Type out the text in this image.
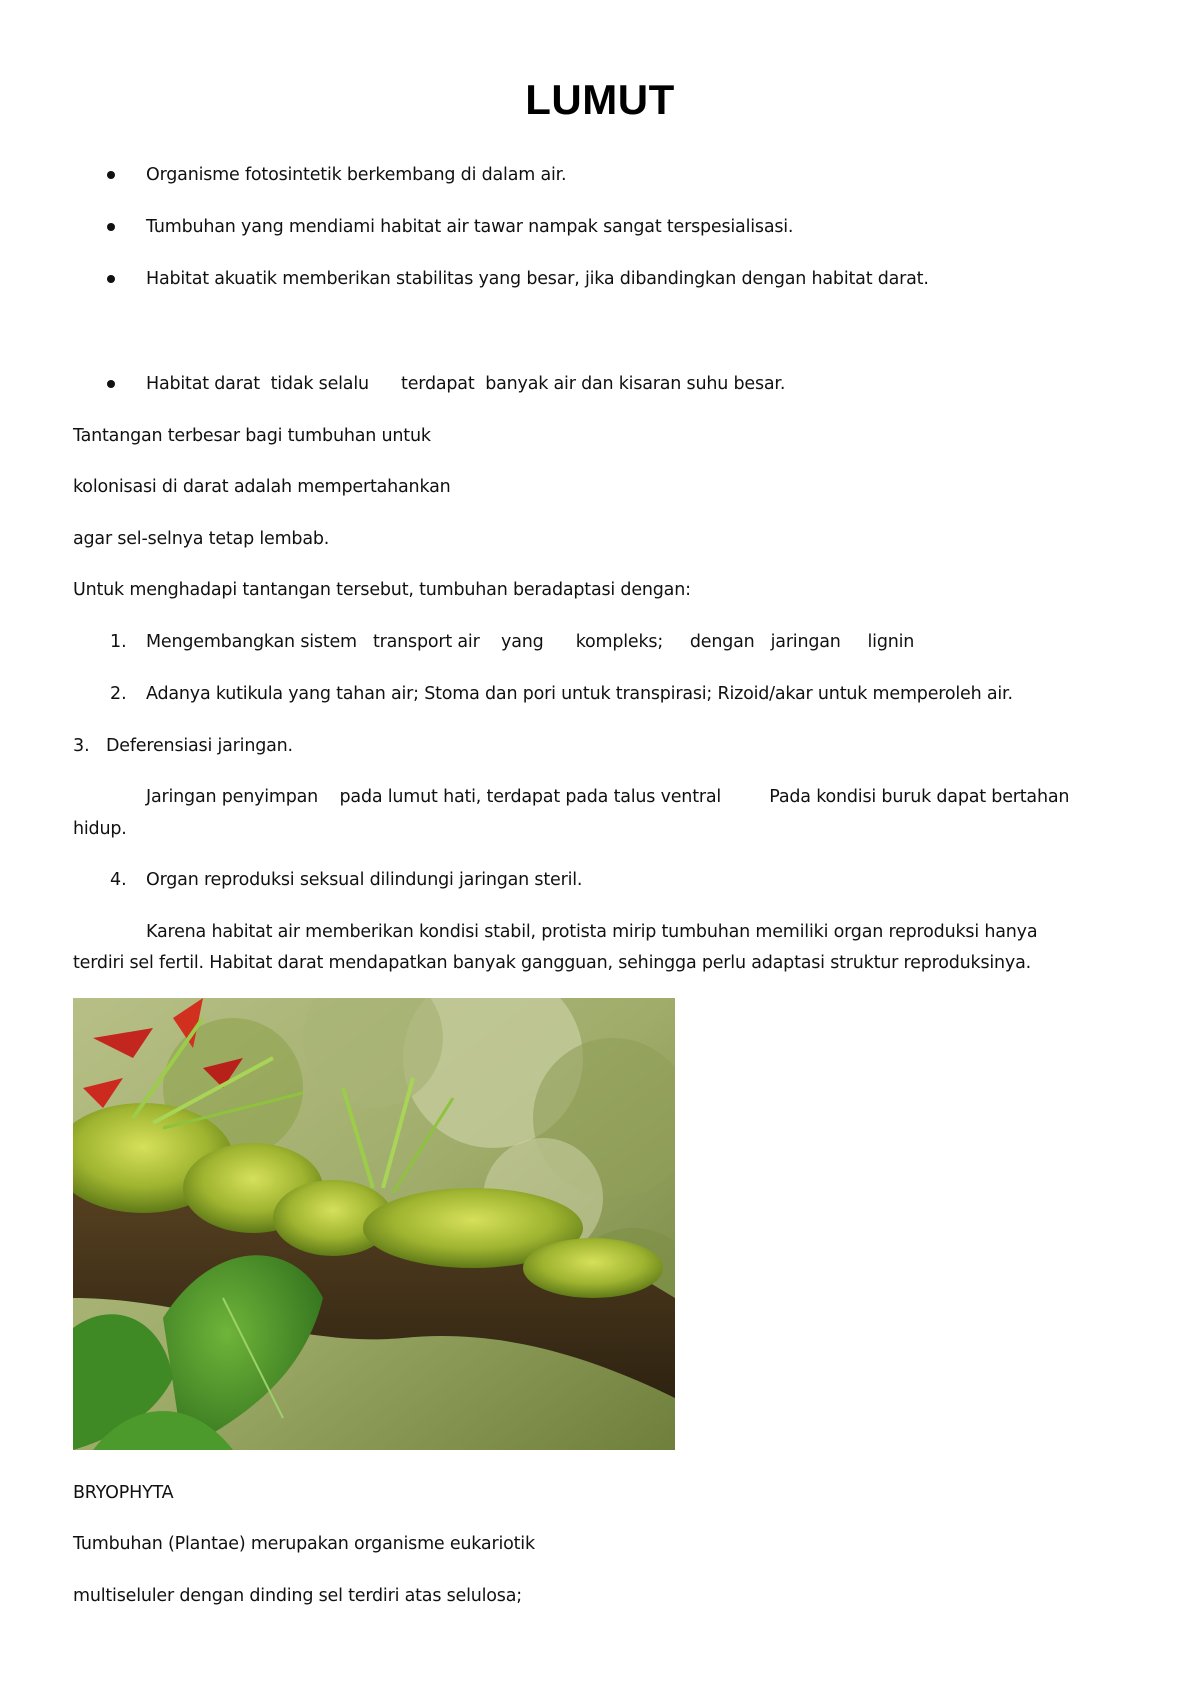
LUMUT
Organisme fotosintetik berkembang di dalam air.
Tumbuhan yang mendiami habitat air tawar nampak sangat terspesialisasi.
Habitat akuatik memberikan stabilitas yang besar, jika dibandingkan dengan habitat darat.
Habitat darat  tidak selalu      terdapat  banyak air dan kisaran suhu besar.
Tantangan terbesar bagi tumbuhan untuk
kolonisasi di darat adalah mempertahankan
agar sel-selnya tetap lembab.
Untuk menghadapi tantangan tersebut, tumbuhan beradaptasi dengan:
1. Mengembangkan sistem   transport air    yang      kompleks;     dengan   jaringan     lignin
2. Adanya kutikula yang tahan air; Stoma dan pori untuk transpirasi; Rizoid/akar untuk memperoleh air.
3. Deferensiasi jaringan.
Jaringan penyimpan    pada lumut hati, terdapat pada talus ventral         Pada kondisi buruk dapat bertahan
hidup.
4. Organ reproduksi seksual dilindungi jaringan steril.
Karena habitat air memberikan kondisi stabil, protista mirip tumbuhan memiliki organ reproduksi hanya
terdiri sel fertil. Habitat darat mendapatkan banyak gangguan, sehingga perlu adaptasi struktur reproduksinya.
BRYOPHYTA
Tumbuhan (Plantae) merupakan organisme eukariotik
multiseluler dengan dinding sel terdiri atas selulosa;
